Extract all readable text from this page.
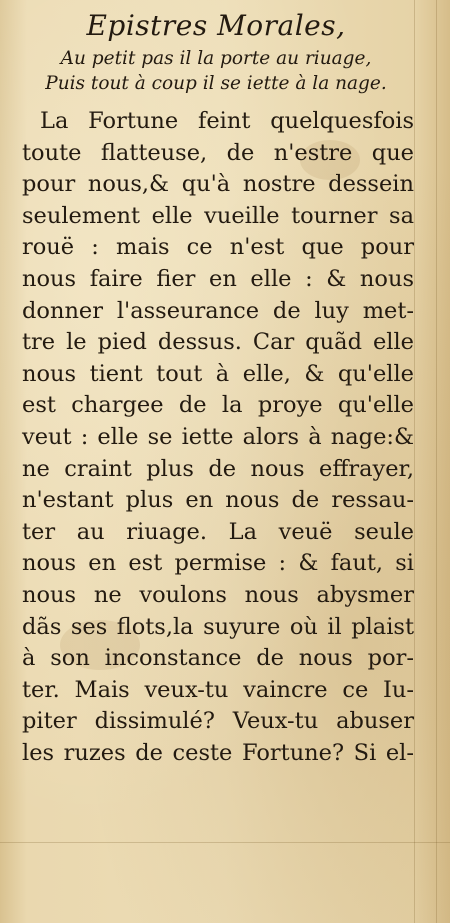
Epistres Morales,
Au petit pas il la porte au riuage,
Puis tout à coup il se iette à la nage.
La Fortune feint quelquesfois
toute flatteuse, de n'estre que
pour nous,& qu'à nostre dessein
seulement elle vueille tourner sa
rouë : mais ce n'est que pour
nous faire fier en elle : & nous
donner l'asseurance de luy met-
tre le pied dessus. Car quãd elle
nous tient tout à elle, & qu'elle
est chargee de la proye qu'elle
veut : elle se iette alors à nage:&
ne craint plus de nous effrayer,
n'estant plus en nous de ressau-
ter au riuage. La veuë seule
nous en est permise : & faut, si
nous ne voulons nous abysmer
dãs ses flots,la suyure où il plaist
à son inconstance de nous por-
ter. Mais veux-tu vaincre ce Iu-
piter dissimulé? Veux-tu abuser
les ruzes de ceste Fortune? Si el-
